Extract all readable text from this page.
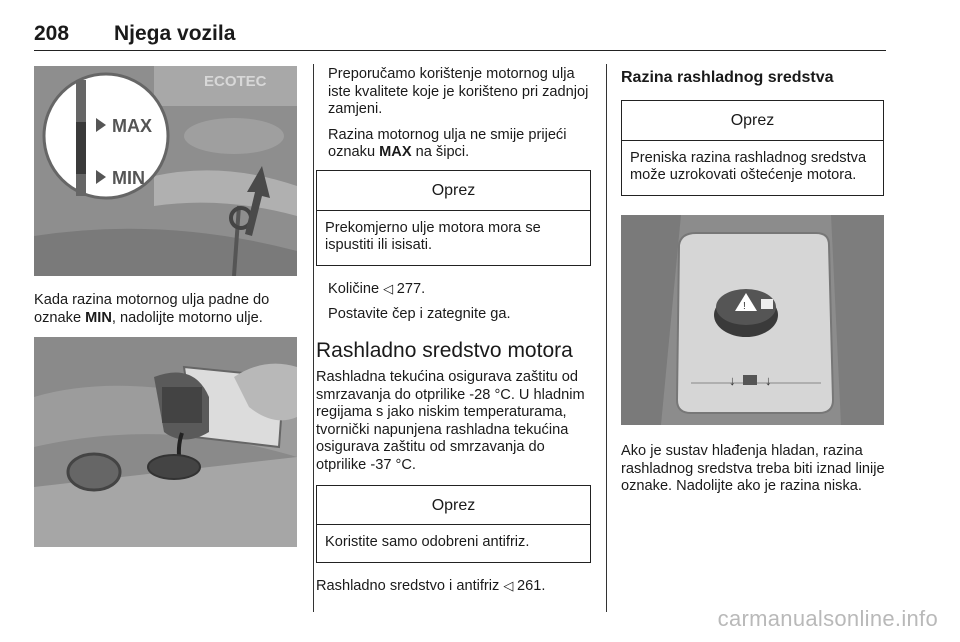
208 Njega vozila
ECOTEC
MAX
MIN

Kada razina motornog ulja padne do oznake MIN, nadolijte motorno ulje.

Preporučamo korištenje motornog ulja iste kvalitete koje je korišteno pri zadnjoj zamjeni.

Razina motornog ulja ne smije prijeći oznaku MAX na šipci.

Oprez
Prekomjerno ulje motora mora se ispustiti ili isisati.

Količine ◁ 277.

Postavite čep i zategnite ga.

Rashladno sredstvo motora

Rashladna tekućina osigurava zaštitu od smrzavanja do otprilike -28 °C. U hladnim regijama s jako niskim temperaturama, tvornički napunjena rashladna tekućina osigurava zaštitu od smrzavanja do otprilike -37 °C.

Oprez
Koristite samo odobreni antifriz.

Rashladno sredstvo i antifriz ◁ 261.

Razina rashladnog sredstva
Oprez
Preniska razina rashladnog sredstva može uzrokovati oštećenje motora.
!
↓ ↓

Ako je sustav hlađenja hladan, razina rashladnog sredstva treba biti iznad linije oznake. Nadolijte ako je razina niska.

carmanualsonline.info
